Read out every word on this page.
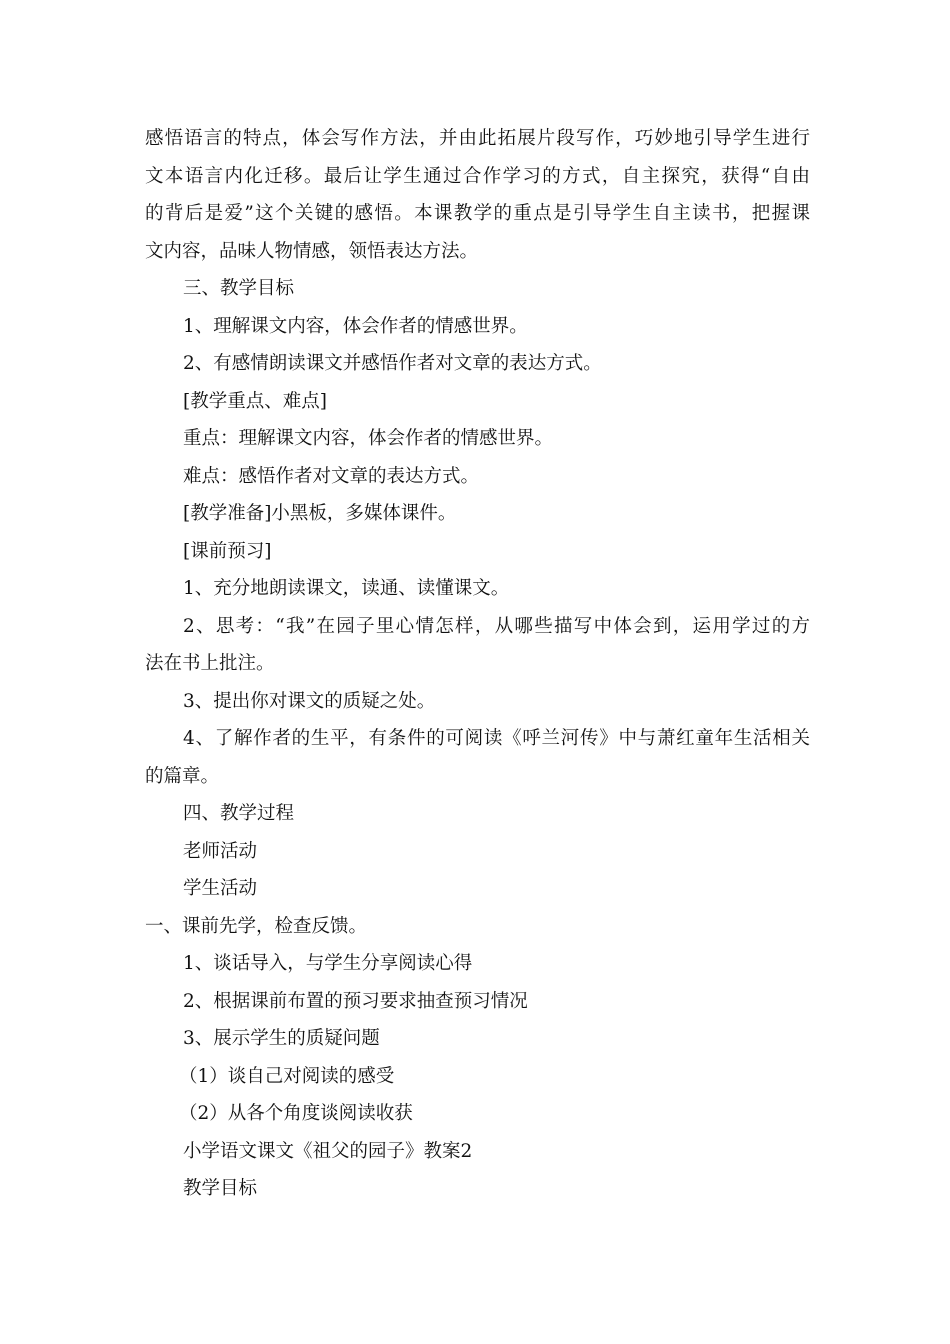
感悟语言的特点，体会写作方法，并由此拓展片段写作，巧妙地引导学生进行
文本语言内化迁移。最后让学生通过合作学习的方式，自主探究，获得“自由
的背后是爱”这个关键的感悟。本课教学的重点是引导学生自主读书，把握课
文内容，品味人物情感，领悟表达方法。
三、教学目标
1、理解课文内容，体会作者的情感世界。
2、有感情朗读课文并感悟作者对文章的表达方式。
[教学重点、难点]
重点：理解课文内容，体会作者的情感世界。
难点：感悟作者对文章的表达方式。
[教学准备]小黑板，多媒体课件。
[课前预习]
1、充分地朗读课文，读通、读懂课文。
2、思考：“我”在园子里心情怎样，从哪些描写中体会到，运用学过的方
法在书上批注。
3、提出你对课文的质疑之处。
4、了解作者的生平，有条件的可阅读《呼兰河传》中与萧红童年生活相关
的篇章。
四、教学过程
老师活动
学生活动
一、课前先学，检查反馈。
1、谈话导入，与学生分享阅读心得
2、根据课前布置的预习要求抽查预习情况
3、展示学生的质疑问题
（1）谈自己对阅读的感受
（2）从各个角度谈阅读收获
小学语文课文《祖父的园子》教案2
教学目标
